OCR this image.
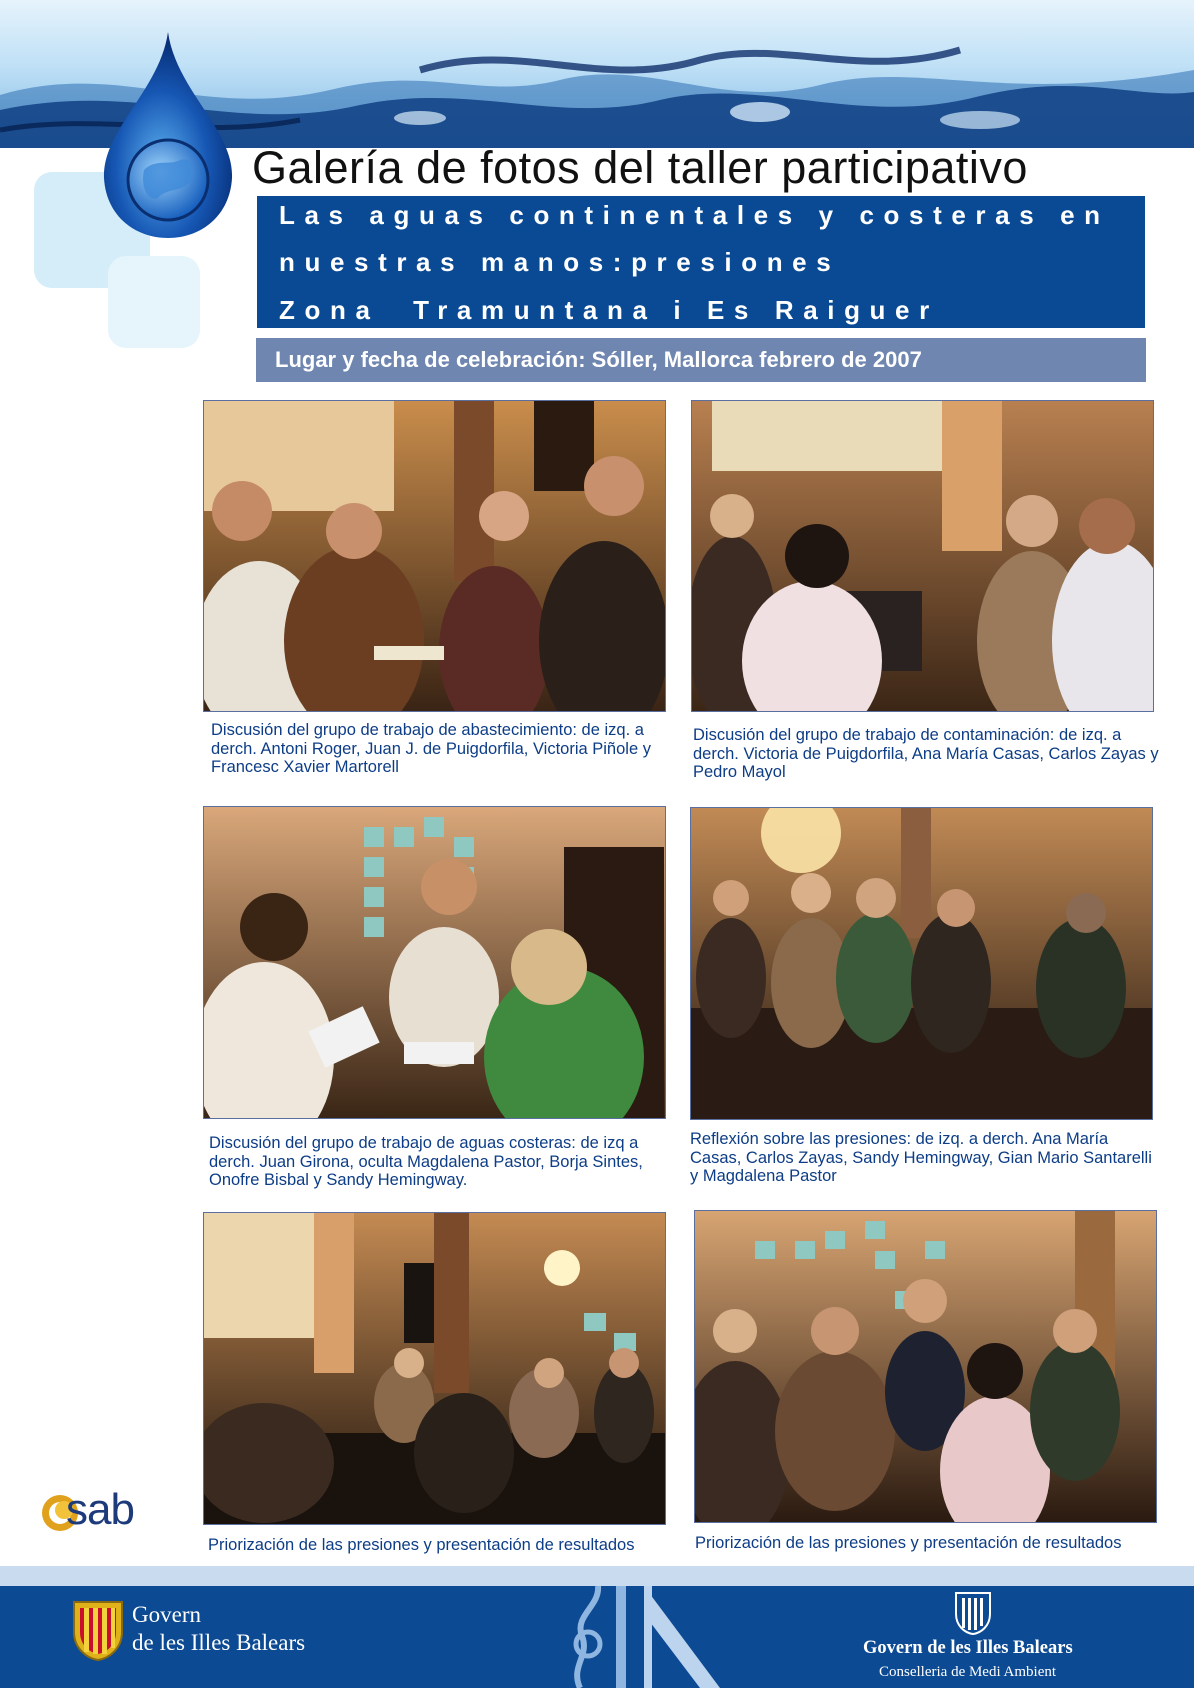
Galería de fotos del taller participativo
Las aguas continentales y costeras en
nuestras manos:presiones
Zona  Tramuntana i Es Raiguer
Lugar y fecha de celebración: Sóller, Mallorca febrero de 2007
Discusión del grupo de trabajo de abastecimiento: de izq. a derch. Antoni Roger, Juan J. de Puigdorfila, Victoria Piñole y Francesc Xavier Martorell
Discusión del grupo de trabajo de contaminación: de izq. a derch. Victoria de Puigdorfila, Ana María Casas, Carlos Zayas y Pedro Mayol
Discusión del grupo de trabajo de aguas costeras: de izq a derch. Juan Girona, oculta Magdalena Pastor, Borja Sintes, Onofre Bisbal y Sandy Hemingway.
Reflexión sobre las presiones: de izq. a derch. Ana María Casas, Carlos Zayas, Sandy Hemingway, Gian Mario Santarelli y Magdalena Pastor
Priorización de las presiones y presentación de resultados	Priorización de las presiones y presentación de resultados
sab
Govern
de les Illes Balears	Govern de les Illes Balears
Conselleria de Medi Ambient
